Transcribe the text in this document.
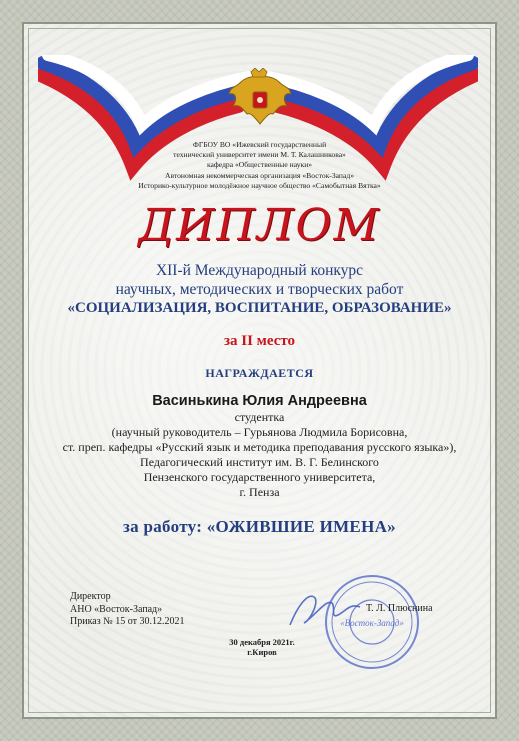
ФГБОУ ВО «Ижевский государственный
технический университет имени М. Т. Калашникова»
кафедра «Общественные науки»
Автономная некоммерческая организация «Восток-Запад»
Историко-культурное молодёжное научное общество «Самобытная Вятка»
ДИПЛОМ
XII-й Международный конкурс
научных, методических и творческих работ
«СОЦИАЛИЗАЦИЯ, ВОСПИТАНИЕ, ОБРАЗОВАНИЕ»
за II место
НАГРАЖДАЕТСЯ
Васинькина Юлия Андреевна
студентка
(научный руководитель – Гурьянова Людмила Борисовна,
ст. преп. кафедры «Русский язык и методика преподавания русского языка»),
Педагогический институт им. В. Г. Белинского
Пензенского государственного университета,
г. Пенза
за работу: «ОЖИВШИЕ ИМЕНА»
Директор
АНО «Восток-Запад»
Приказ № 15 от 30.12.2021	«Восток-Запад»
Т. Л. Плюснина
30 декабря 2021г.
г.Киров
